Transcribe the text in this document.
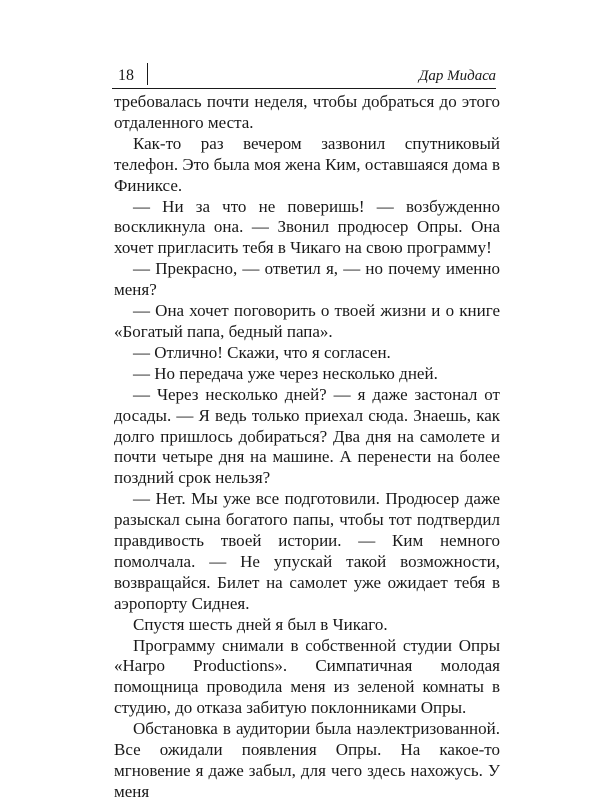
18	Дар Мидаса

требовалась почти неделя, чтобы добраться до этого отдаленного места.

Как-то раз вечером зазвонил спутниковый телефон. Это была моя жена Ким, оставшаяся дома в Финиксе.

— Ни за что не поверишь! — возбужденно воскликнула она. — Звонил продюсер Опры. Она хочет пригласить тебя в Чикаго на свою программу!

— Прекрасно, — ответил я, — но почему именно меня?

— Она хочет поговорить о твоей жизни и о книге «Богатый папа, бедный папа».

— Отлично! Скажи, что я согласен.

— Но передача уже через несколько дней.

— Через несколько дней? — я даже застонал от досады. — Я ведь только приехал сюда. Знаешь, как долго пришлось добираться? Два дня на самолете и почти четыре дня на машине. А перенести на более поздний срок нельзя?

— Нет. Мы уже все подготовили. Продюсер даже разыскал сына богатого папы, чтобы тот подтвердил правдивость твоей истории. — Ким немного помолчала. — Не упускай такой возможности, возвращайся. Билет на самолет уже ожидает тебя в аэропорту Сиднея.

Спустя шесть дней я был в Чикаго.

Программу снимали в собственной студии Опры «Harpo Productions». Симпатичная молодая помощница проводила меня из зеленой комнаты в студию, до отказа забитую поклонниками Опры.

Обстановка в аудитории была наэлектризованной. Все ожидали появления Опры. На какое-то мгновение я даже забыл, для чего здесь нахожусь. У меня
